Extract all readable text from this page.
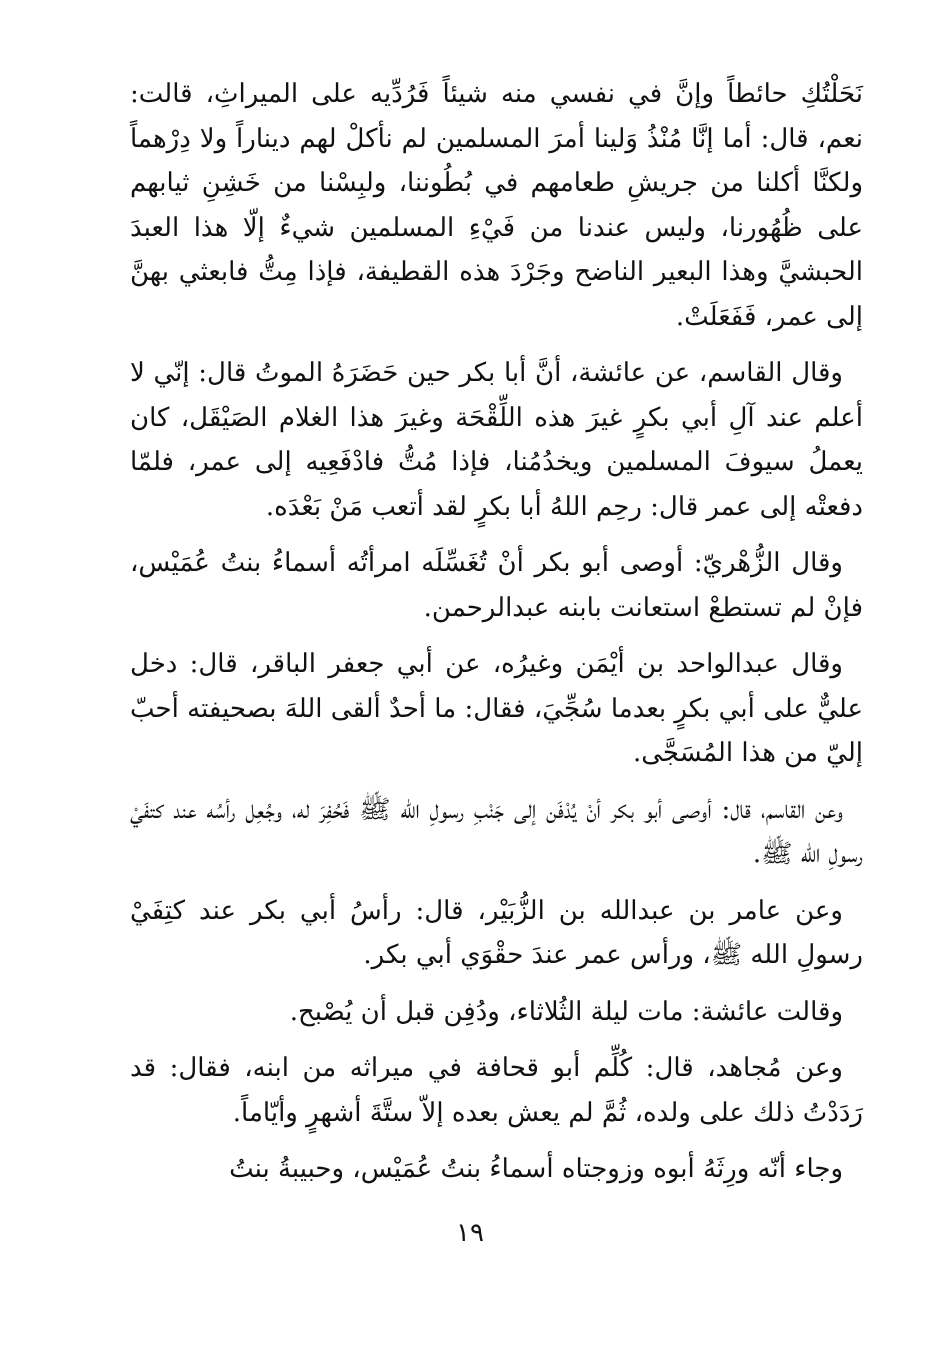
نَحَلْتُكِ حائطاً وإنَّ في نفسي منه شيئاً فَرُدِّيه على الميراثِ، قالت: نعم، قال: أما إنَّا مُنْذُ وَلينا أمرَ المسلمين لم نأكلْ لهم ديناراً ولا دِرْهماً ولكنَّا أكلنا من جريشِ طعامهم في بُطُوننا، ولبِسْنا من خَشِنِ ثيابهم على ظُهُورنا، وليس عندنا من فَيْءِ المسلمين شيءٌ إلّا هذا العبدَ الحبشيَّ وهذا البعير الناضح وجَرْدَ هذه القطيفة، فإذا مِتُّ فابعثي بهنَّ إلى عمر، فَفَعَلَتْ.

وقال القاسم، عن عائشة، أنَّ أبا بكر حين حَضَرَهُ الموتُ قال: إنّي لا أعلم عند آلِ أبي بكرٍ غيرَ هذه اللِّقْحَة وغيرَ هذا الغلام الصَيْقَل، كان يعملُ سيوفَ المسلمين ويخدُمُنا، فإذا مُتُّ فادْفَعِيه إلى عمر، فلمّا دفعتْه إلى عمر قال: رحِم اللهُ أبا بكرٍ لقد أتعب مَنْ بَعْدَه.

وقال الزُّهْريّ: أوصى أبو بكر أنْ تُغَسِّلَه امرأتُه أسماءُ بنتُ عُمَيْس، فإنْ لم تستطعْ استعانت بابنه عبدالرحمن.

وقال عبدالواحد بن أيْمَن وغيرُه، عن أبي جعفر الباقر، قال: دخل عليٌّ على أبي بكرٍ بعدما سُجِّيَ، فقال: ما أحدٌ ألقى اللهَ بصحيفته أحبّ إليّ من هذا المُسَجَّى.

وعن القاسم، قال: أوصى أبو بكر أنْ يُدْفَن إلى جَنْبِ رسولِ الله ﷺ فَحُفِرَ له، وجُعِل رأسُه عند كتفَيْ رسولِ الله ﷺ.

وعن عامر بن عبدالله بن الزُّبَيْر، قال: رأسُ أبي بكر عند كتِفَيْ رسولِ الله ﷺ، ورأس عمر عندَ حقْوَي أبي بكر.

وقالت عائشة: مات ليلة الثُلاثاء، ودُفِن قبل أن يُصْبح.

وعن مُجاهد، قال: كُلِّم أبو قحافة في ميراثه من ابنه، فقال: قد رَدَدْتُ ذلك على ولده، ثُمَّ لم يعش بعده إلاّ ستَّةَ أشهرٍ وأيّاماً.

وجاء أنّه ورِثَهُ أبوه وزوجتاه أسماءُ بنتُ عُمَيْس، وحبيبةُ بنتُ

١٩
